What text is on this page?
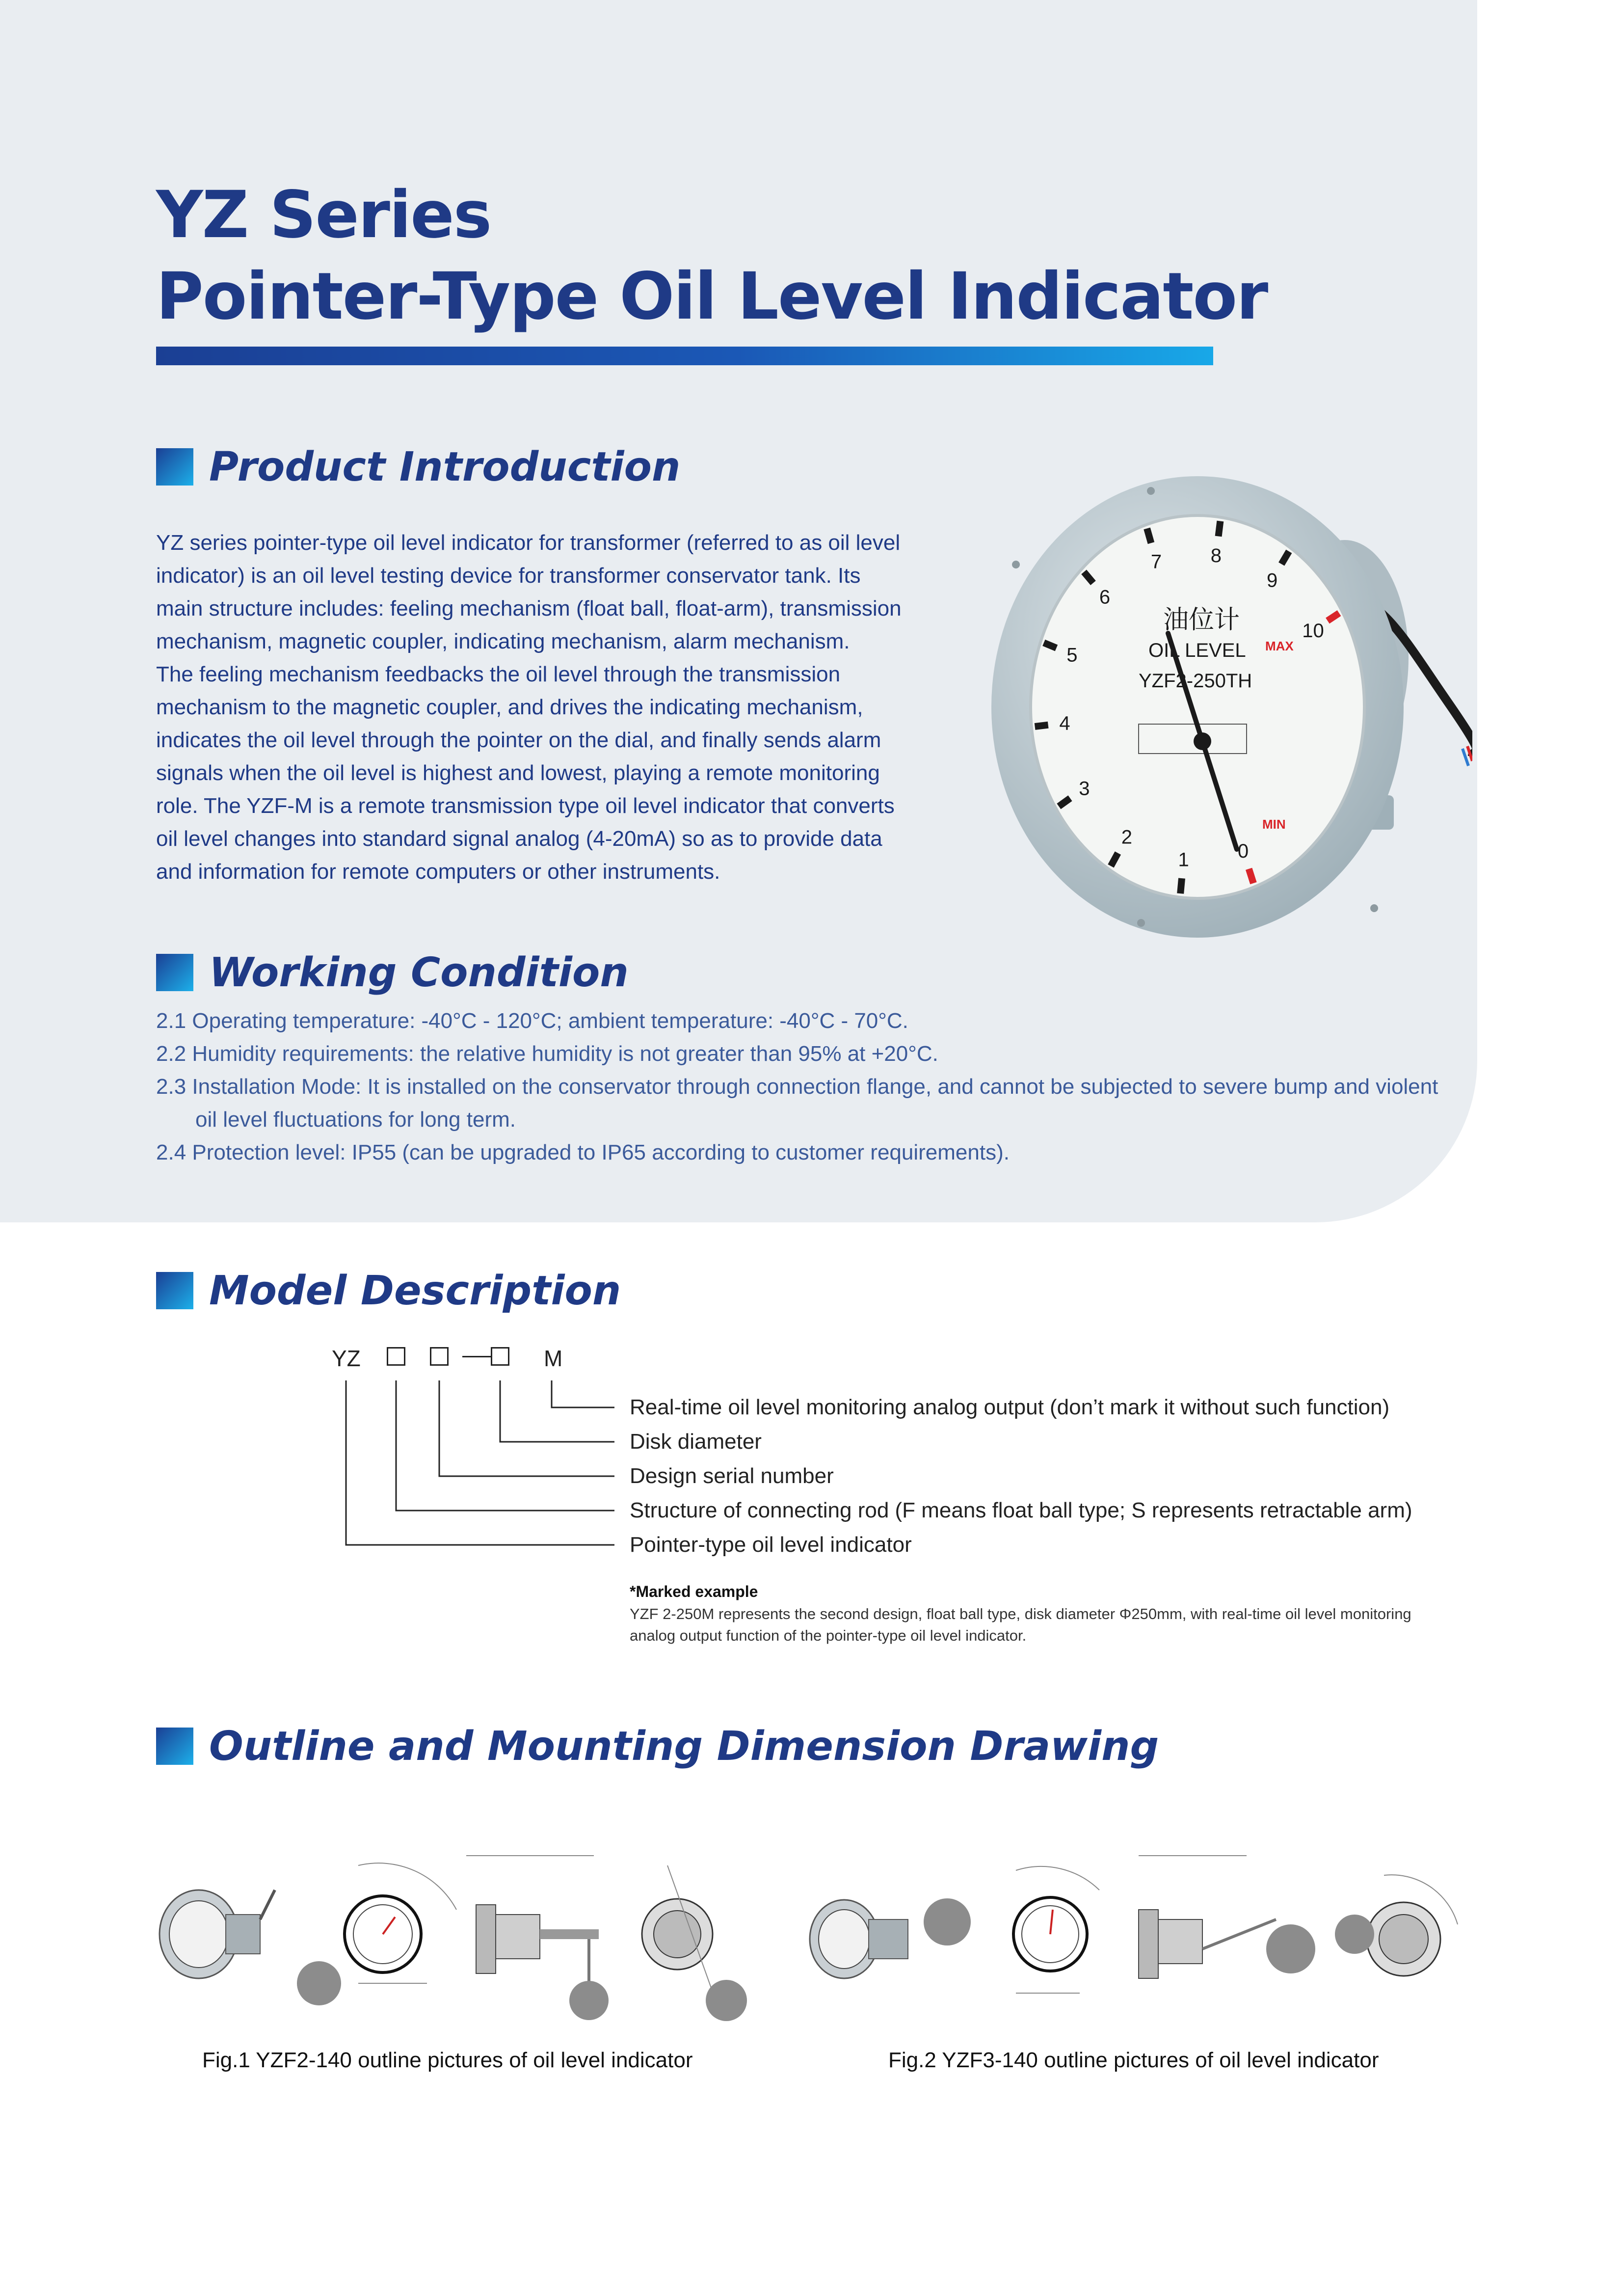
YZ Series
Pointer-Type Oil Level Indicator
Product Introduction

YZ series pointer-type oil level indicator for transformer (referred to as oil level
indicator) is an oil level testing device for transformer conservator tank. Its
main structure includes: feeling mechanism (float ball, float-arm), transmission
mechanism, magnetic coupler, indicating mechanism, alarm mechanism.
The feeling mechanism feedbacks the oil level through the transmission
mechanism to the magnetic coupler, and drives the indicating mechanism,
indicates the oil level through the pointer on the dial, and finally sends alarm
signals when the oil level is highest and lowest, playing a remote monitoring
role. The YZF-M is a remote transmission type oil level indicator that converts
oil level changes into standard signal analog (4-20mA) so as to provide data
and information for remote computers or other instruments.

0
1
2
3
4
5
6
7 8
9
10
油位计
OIL LEVEL
YZF2-250TH
MAX
MIN
Working Condition
2.1 Operating temperature: -40°C - 120°C; ambient temperature: -40°C - 70°C.
2.2 Humidity requirements: the relative humidity is not greater than 95% at +20°C.
2.3 Installation Mode: It is installed on the conservator through connection flange, and cannot be subjected to severe bump and violent oil level fluctuations for long term.
2.4 Protection level: IP55 (can be upgraded to IP65 according to customer requirements).
Model Description
YZ	M
Real-time oil level monitoring analog output (don’t mark it without such function)
Disk diameter
Design serial number
Structure of connecting rod (F means float ball type; S represents retractable arm)
Pointer-type oil level indicator
*Marked example
YZF 2-250M represents the second design, float ball type, disk diameter Φ250mm, with real-time oil level monitoring analog output function of the pointer-type oil level indicator.
Outline and Mounting Dimension Drawing
Fig.1 YZF2-140 outline pictures of oil level indicator	Fig.2 YZF3-140 outline pictures of oil level indicator
